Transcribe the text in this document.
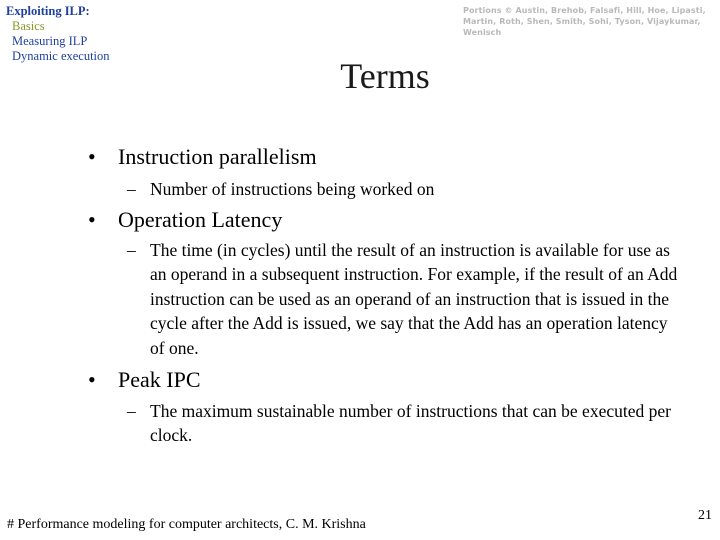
Exploiting ILP:
Basics
Measuring ILP
Dynamic execution
Portions © Austin, Brehob, Falsafi, Hill, Hoe, Lipasti, Martin, Roth, Shen, Smith, Sohi, Tyson, Vijaykumar, Wenisch
Terms
• Instruction parallelism
– Number of instructions being worked on
• Operation Latency
– The time (in cycles) until the result of an instruction is available for use as an operand in a subsequent instruction. For example, if the result of an Add instruction can be used as an operand of an instruction that is issued in the cycle after the Add is issued, we say that the Add has an operation latency of one.
• Peak IPC
– The maximum sustainable number of instructions that can be executed per clock.
# Performance modeling for computer architects, C. M. Krishna
21
